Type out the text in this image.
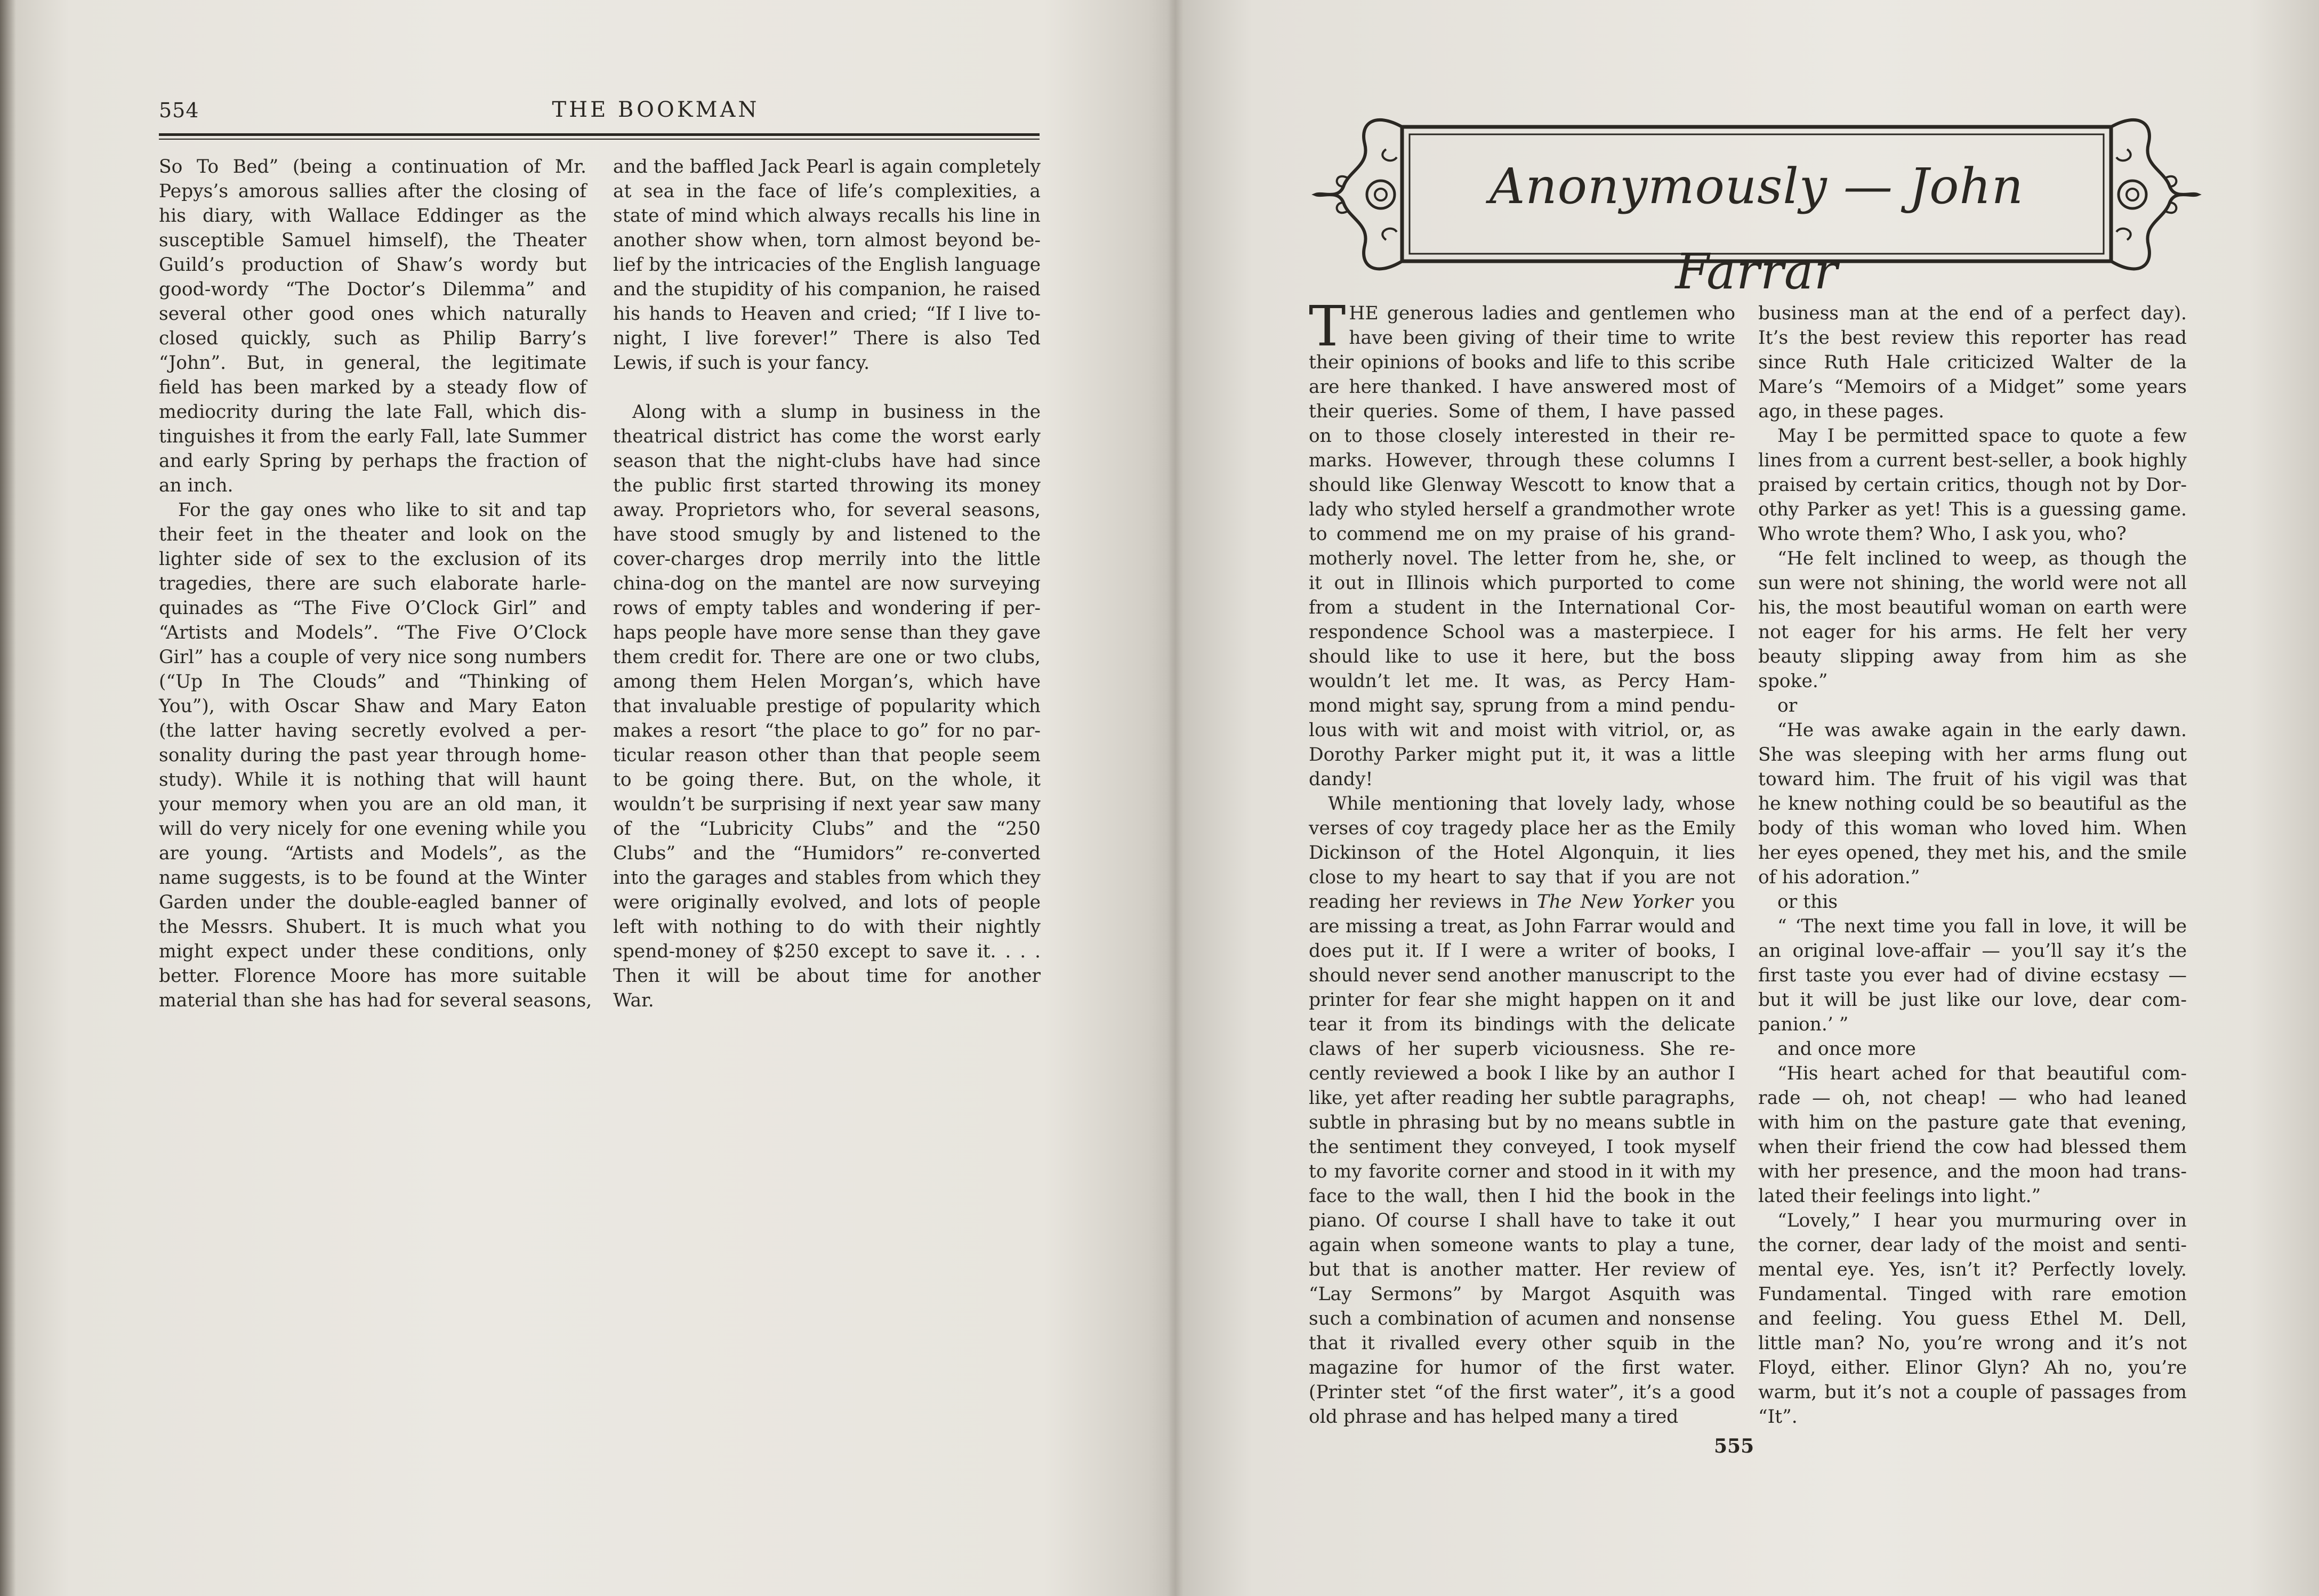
554	THE BOOKMAN
So To Bed” (being a continuation of Mr.
Pepys’s amorous sallies after the closing of
his diary, with Wallace Eddinger as the
susceptible Samuel himself), the Theater
Guild’s production of Shaw’s wordy but
good-wordy “The Doctor’s Dilemma” and
several other good ones which naturally
closed quickly, such as Philip Barry’s
“John”. But, in general, the legitimate
field has been marked by a steady flow of
mediocrity during the late Fall, which dis-
tinguishes it from the early Fall, late Summer
and early Spring by perhaps the fraction of
an inch.
For the gay ones who like to sit and tap
their feet in the theater and look on the
lighter side of sex to the exclusion of its
tragedies, there are such elaborate harle-
quinades as “The Five O’Clock Girl” and
“Artists and Models”. “The Five O’Clock
Girl” has a couple of very nice song numbers
(“Up In The Clouds” and “Thinking of
You”), with Oscar Shaw and Mary Eaton
(the latter having secretly evolved a per-
sonality during the past year through home-
study). While it is nothing that will haunt
your memory when you are an old man, it
will do very nicely for one evening while you
are young. “Artists and Models”, as the
name suggests, is to be found at the Winter
Garden under the double-eagled banner of
the Messrs. Shubert. It is much what you
might expect under these conditions, only
better. Florence Moore has more suitable
material than she has had for several seasons,
and the baffled Jack Pearl is again completely
at sea in the face of life’s complexities, a
state of mind which always recalls his line in
another show when, torn almost beyond be-
lief by the intricacies of the English language
and the stupidity of his companion, he raised
his hands to Heaven and cried; “If I live to-
night, I live forever!” There is also Ted
Lewis, if such is your fancy.
Along with a slump in business in the
theatrical district has come the worst early
season that the night-clubs have had since
the public first started throwing its money
away. Proprietors who, for several seasons,
have stood smugly by and listened to the
cover-charges drop merrily into the little
china-dog on the mantel are now surveying
rows of empty tables and wondering if per-
haps people have more sense than they gave
them credit for. There are one or two clubs,
among them Helen Morgan’s, which have
that invaluable prestige of popularity which
makes a resort “the place to go” for no par-
ticular reason other than that people seem
to be going there. But, on the whole, it
wouldn’t be surprising if next year saw many
of the “Lubricity Clubs” and the “250
Clubs” and the “Humidors” re-converted
into the garages and stables from which they
were originally evolved, and lots of people
left with nothing to do with their nightly
spend-money of $250 except to save it. . . .
Then it will be about time for another
War.
Anonymously — John Farrar
T HE generous ladies and gentlemen who
have been giving of their time to write
their opinions of books and life to this scribe
are here thanked. I have answered most of
their queries. Some of them, I have passed
on to those closely interested in their re-
marks. However, through these columns I
should like Glenway Wescott to know that a
lady who styled herself a grandmother wrote
to commend me on my praise of his grand-
motherly novel. The letter from he, she, or
it out in Illinois which purported to come
from a student in the International Cor-
respondence School was a masterpiece. I
should like to use it here, but the boss
wouldn’t let me. It was, as Percy Ham-
mond might say, sprung from a mind pendu-
lous with wit and moist with vitriol, or, as
Dorothy Parker might put it, it was a little
dandy!
While mentioning that lovely lady, whose
verses of coy tragedy place her as the Emily
Dickinson of the Hotel Algonquin, it lies
close to my heart to say that if you are not
reading her reviews in The New Yorker you
are missing a treat, as John Farrar would and
does put it. If I were a writer of books, I
should never send another manuscript to the
printer for fear she might happen on it and
tear it from its bindings with the delicate
claws of her superb viciousness. She re-
cently reviewed a book I like by an author I
like, yet after reading her subtle paragraphs,
subtle in phrasing but by no means subtle in
the sentiment they conveyed, I took myself
to my favorite corner and stood in it with my
face to the wall, then I hid the book in the
piano. Of course I shall have to take it out
again when someone wants to play a tune,
but that is another matter. Her review of
“Lay Sermons” by Margot Asquith was
such a combination of acumen and nonsense
that it rivalled every other squib in the
magazine for humor of the first water.
(Printer stet “of the first water”, it’s a good
old phrase and has helped many a tired
business man at the end of a perfect day).
It’s the best review this reporter has read
since Ruth Hale criticized Walter de la
Mare’s “Memoirs of a Midget” some years
ago, in these pages.
May I be permitted space to quote a few
lines from a current best-seller, a book highly
praised by certain critics, though not by Dor-
othy Parker as yet! This is a guessing game.
Who wrote them? Who, I ask you, who?
“He felt inclined to weep, as though the
sun were not shining, the world were not all
his, the most beautiful woman on earth were
not eager for his arms. He felt her very
beauty slipping away from him as she
spoke.”
or
“He was awake again in the early dawn.
She was sleeping with her arms flung out
toward him. The fruit of his vigil was that
he knew nothing could be so beautiful as the
body of this woman who loved him. When
her eyes opened, they met his, and the smile
of his adoration.”
or this
“ ‘The next time you fall in love, it will be
an original love-affair — you’ll say it’s the
first taste you ever had of divine ecstasy —
but it will be just like our love, dear com-
panion.’ ”
and once more
“His heart ached for that beautiful com-
rade — oh, not cheap! — who had leaned
with him on the pasture gate that evening,
when their friend the cow had blessed them
with her presence, and the moon had trans-
lated their feelings into light.”
“Lovely,” I hear you murmuring over in
the corner, dear lady of the moist and senti-
mental eye. Yes, isn’t it? Perfectly lovely.
Fundamental. Tinged with rare emotion
and feeling. You guess Ethel M. Dell,
little man? No, you’re wrong and it’s not
Floyd, either. Elinor Glyn? Ah no, you’re
warm, but it’s not a couple of passages from
“It”.
555
